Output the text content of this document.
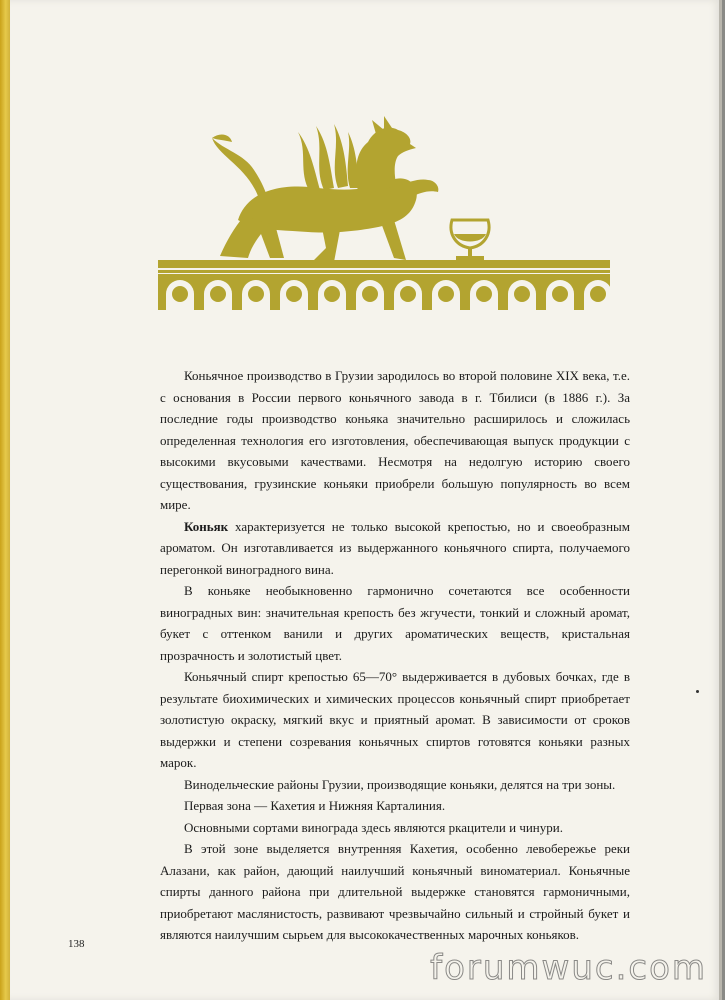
Коньячное производство в Грузии зародилось во второй половине XIX века, т.е. с основания в России первого коньячного завода в г. Тбилиси (в 1886 г.). За последние годы производство коньяка значительно расширилось и сложилась определенная технология его изготовления, обеспечивающая выпуск продукции с высокими вкусовыми качествами. Несмотря на недолгую историю своего существования, грузинские коньяки приобрели большую популярность во всем мире.

Коньяк характеризуется не только высокой крепостью, но и своеобразным ароматом. Он изготавливается из выдержанного коньячного спирта, получаемого перегонкой виноградного вина.

В коньяке необыкновенно гармонично сочетаются все особенности виноградных вин: значительная крепость без жгучести, тонкий и сложный аромат, букет с оттенком ванили и других ароматических веществ, кристальная прозрачность и золотистый цвет.

Коньячный спирт крепостью 65—70° выдерживается в дубовых бочках, где в результате биохимических и химических процессов коньячный спирт приобретает золотистую окраску, мягкий вкус и приятный аромат. В зависимости от сроков выдержки и степени созревания коньячных спиртов готовятся коньяки разных марок.

Винодельческие районы Грузии, производящие коньяки, делятся на три зоны.

Первая зона — Кахетия и Нижняя Карталиния.

Основными сортами винограда здесь являются ркацители и чинури.

В этой зоне выделяется внутренняя Кахетия, особенно левобережье реки Алазани, как район, дающий наилучший коньячный виноматериал. Коньячные спирты данного района при длительной выдержке становятся гармоничными, приобретают маслянистость, развивают чрезвычайно сильный и стройный букет и являются наилучшим сырьем для высококачественных марочных коньяков.

138
forumwuc.com
